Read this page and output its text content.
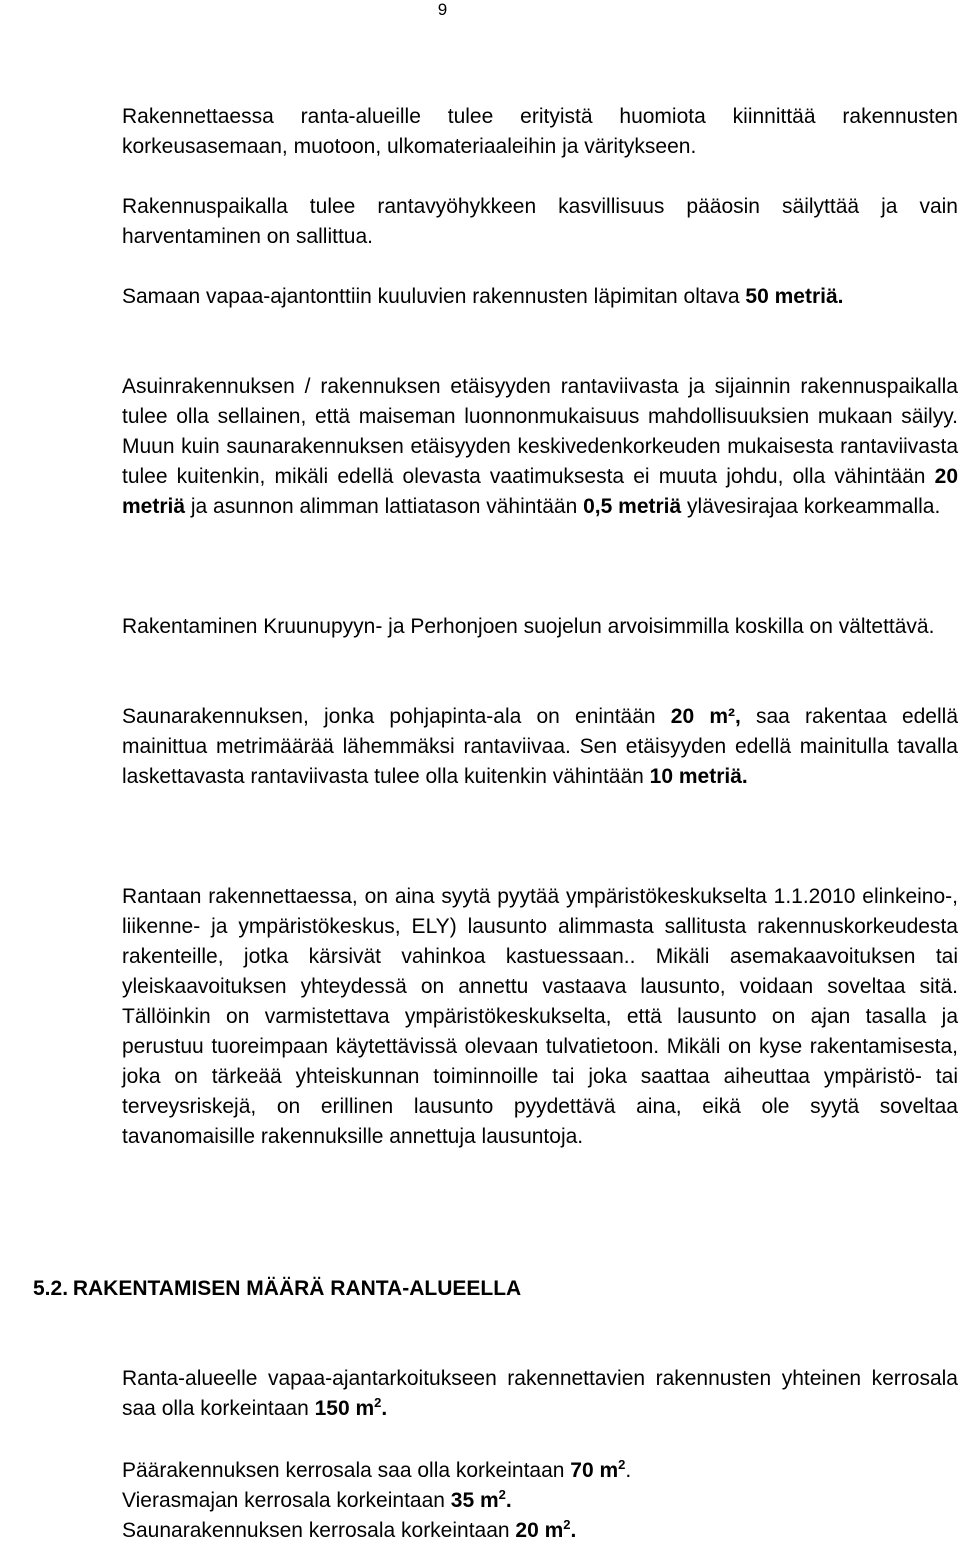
9

Rakennettaessa ranta-alueille tulee erityistä huomiota kiinnittää rakennusten korkeusasemaan, muotoon, ulkomateriaaleihin ja väritykseen.

Rakennuspaikalla tulee rantavyöhykkeen kasvillisuus pääosin säilyttää ja vain harventaminen on sallittua.

Samaan vapaa-ajantonttiin kuuluvien rakennusten läpimitan oltava 50 metriä.

Asuinrakennuksen / rakennuksen etäisyyden rantaviivasta ja sijainnin rakennuspaikalla tulee olla sellainen, että maiseman luonnonmukaisuus mahdollisuuksien mukaan säilyy. Muun kuin saunarakennuksen etäisyyden keskivedenkorkeuden mukaisesta rantaviivasta tulee kuitenkin, mikäli edellä olevasta vaatimuksesta ei muuta johdu, olla vähintään 20 metriä ja asunnon alimman lattiatason vähintään 0,5 metriä ylävesirajaa korkeammalla.

Rakentaminen Kruunupyyn- ja Perhonjoen suojelun arvoisimmilla koskilla on vältettävä.

Saunarakennuksen, jonka pohjapinta-ala on enintään 20 m², saa rakentaa edellä mainittua metrimäärää lähemmäksi rantaviivaa. Sen etäisyyden edellä mainitulla tavalla laskettavasta rantaviivasta tulee olla kuitenkin vähintään 10 metriä.

Rantaan rakennettaessa, on aina syytä pyytää ympäristökeskukselta 1.1.2010 elinkeino-, liikenne- ja ympäristökeskus, ELY) lausunto alimmasta sallitusta rakennuskorkeudesta rakenteille, jotka kärsivät vahinkoa kastuessaan.. Mikäli asemakaavoituksen tai yleiskaavoituksen yhteydessä on annettu vastaava lausunto, voidaan soveltaa sitä. Tällöinkin on varmistettava ympäristökeskukselta, että lausunto on ajan tasalla ja perustuu tuoreimpaan käytettävissä olevaan tulvatietoon. Mikäli on kyse rakentamisesta, joka on tärkeää yhteiskunnan toiminnoille tai joka saattaa aiheuttaa ympäristö- tai terveysriskejä, on erillinen lausunto pyydettävä aina, eikä ole syytä soveltaa tavanomaisille rakennuksille annettuja lausuntoja.

5.2. RAKENTAMISEN MÄÄRÄ RANTA-ALUEELLA

Ranta-alueelle vapaa-ajantarkoitukseen rakennettavien rakennusten yhteinen kerrosala saa olla korkeintaan 150 $m^2$.

Päärakennuksen kerrosala saa olla korkeintaan 70 $m^2$.
Vierasmajan kerrosala korkeintaan 35 $m^2$.
Saunarakennuksen kerrosala korkeintaan 20 $m^2$.
